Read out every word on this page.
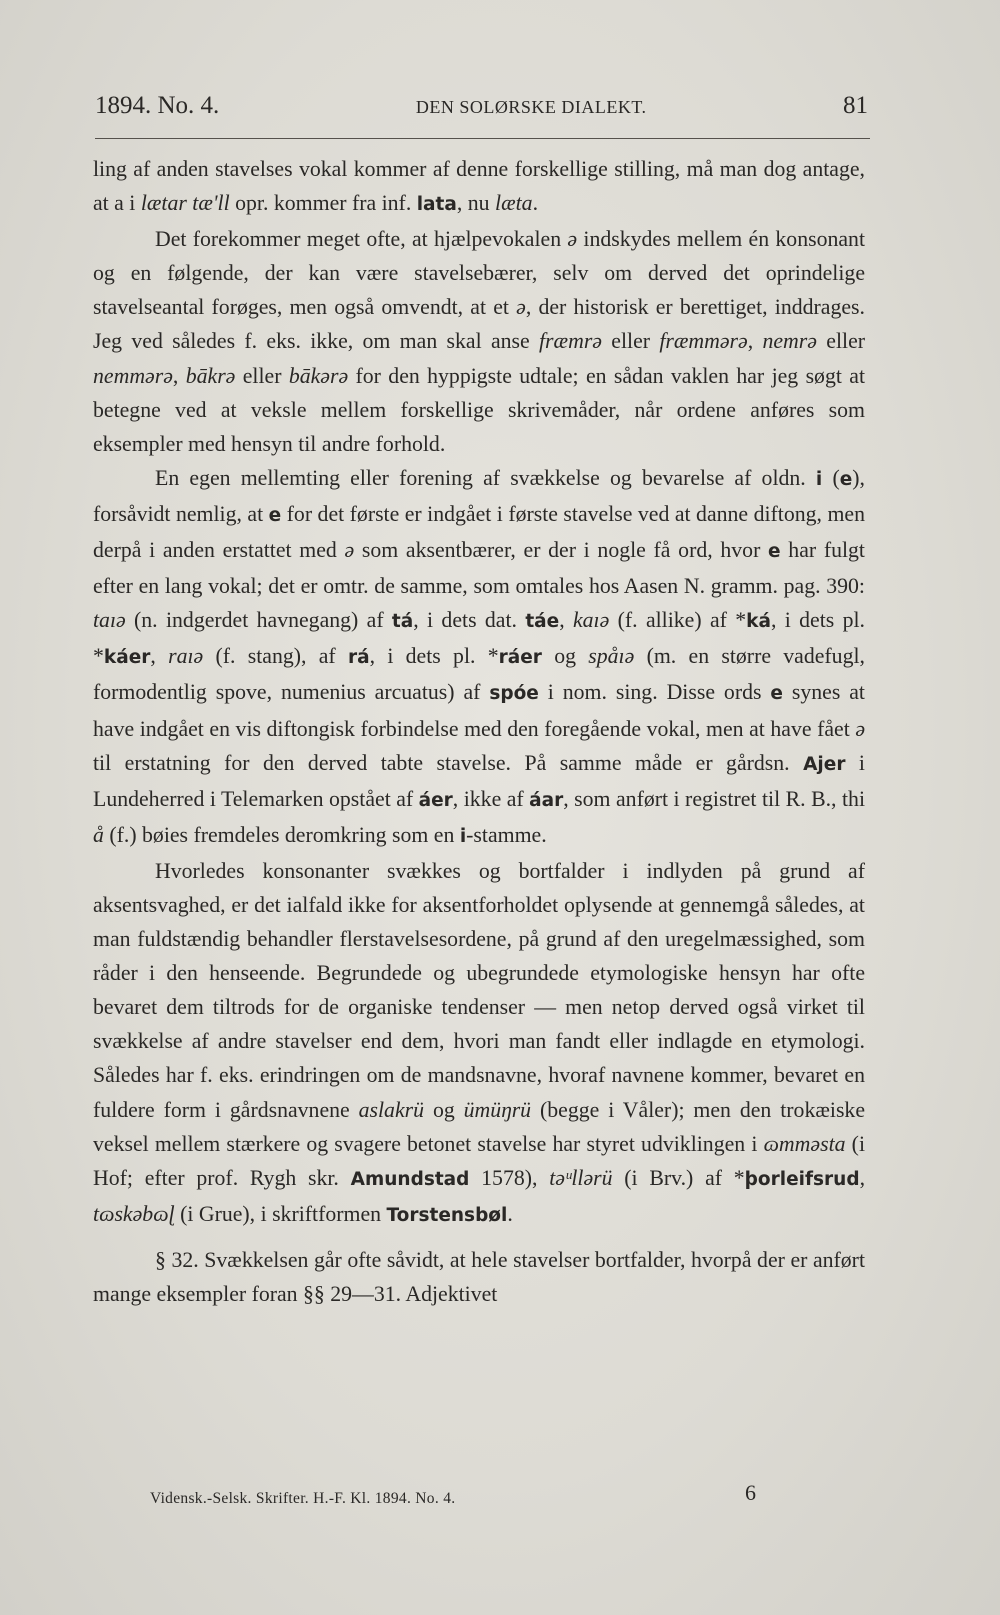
1894. No. 4.	DEN SOLØRSKE DIALEKT.	81

ling af anden stavelses vokal kommer af denne forskellige stilling, må man dog antage, at a i lætar tæ'll opr. kommer fra inf. lata, nu læta.

Det forekommer meget ofte, at hjælpevokalen ə indskydes mellem én konsonant og en følgende, der kan være stavelsebærer, selv om derved det oprindelige stavelseantal forøges, men også omvendt, at et ə, der historisk er berettiget, inddrages. Jeg ved således f. eks. ikke, om man skal anse fræmrə eller fræmmərə, nemrə eller nemmərə, bākrə eller bākərə for den hyppigste udtale; en sådan vaklen har jeg søgt at betegne ved at veksle mellem forskellige skrivemåder, når ordene anføres som eksempler med hensyn til andre forhold.

En egen mellemting eller forening af svækkelse og bevarelse af oldn. i (e), forsåvidt nemlig, at e for det første er indgået i første stavelse ved at danne diftong, men derpå i anden erstattet med ə som aksentbærer, er der i nogle få ord, hvor e har fulgt efter en lang vokal; det er omtr. de samme, som omtales hos Aasen N. gramm. pag. 390: taıə (n. indgerdet havnegang) af tá, i dets dat. táe, kaıə (f. allike) af *ká, i dets pl. *káer, raıə (f. stang), af rá, i dets pl. *ráer og spåıə (m. en større vadefugl, formodentlig spove, numenius arcuatus) af spóe i nom. sing. Disse ords e synes at have indgået en vis diftongisk forbindelse med den foregående vokal, men at have fået ə til erstatning for den derved tabte stavelse. På samme måde er gårdsn. Ajer i Lundeherred i Telemarken opstået af áer, ikke af áar, som anført i registret til R. B., thi å (f.) bøies fremdeles deromkring som en i-stamme.

Hvorledes konsonanter svækkes og bortfalder i indlyden på grund af aksentsvaghed, er det ialfald ikke for aksentforholdet oplysende at gennemgå således, at man fuldstændig behandler flerstavelsesordene, på grund af den uregelmæssighed, som råder i den henseende. Begrundede og ubegrundede etymologiske hensyn har ofte bevaret dem tiltrods for de organiske tendenser — men netop derved også virket til svækkelse af andre stavelser end dem, hvori man fandt eller indlagde en etymologi. Således har f. eks. erindringen om de mandsnavne, hvoraf navnene kommer, bevaret en fuldere form i gårdsnavnene aslakrü og ümüŋrü (begge i Våler); men den trokæiske veksel mellem stærkere og svagere betonet stavelse har styret udviklingen i ɷmməsta (i Hof; efter prof. Rygh skr. Amundstad 1578), təᵘllərü (i Brv.) af *þorleifsrud, tɷskəbɷɭ (i Grue), i skriftformen Torstensbøl.

§ 32. Svækkelsen går ofte såvidt, at hele stavelser bortfalder, hvorpå der er anført mange eksempler foran §§ 29—31. Adjektivet

Vidensk.-Selsk. Skrifter. H.-F. Kl. 1894. No. 4.	6
